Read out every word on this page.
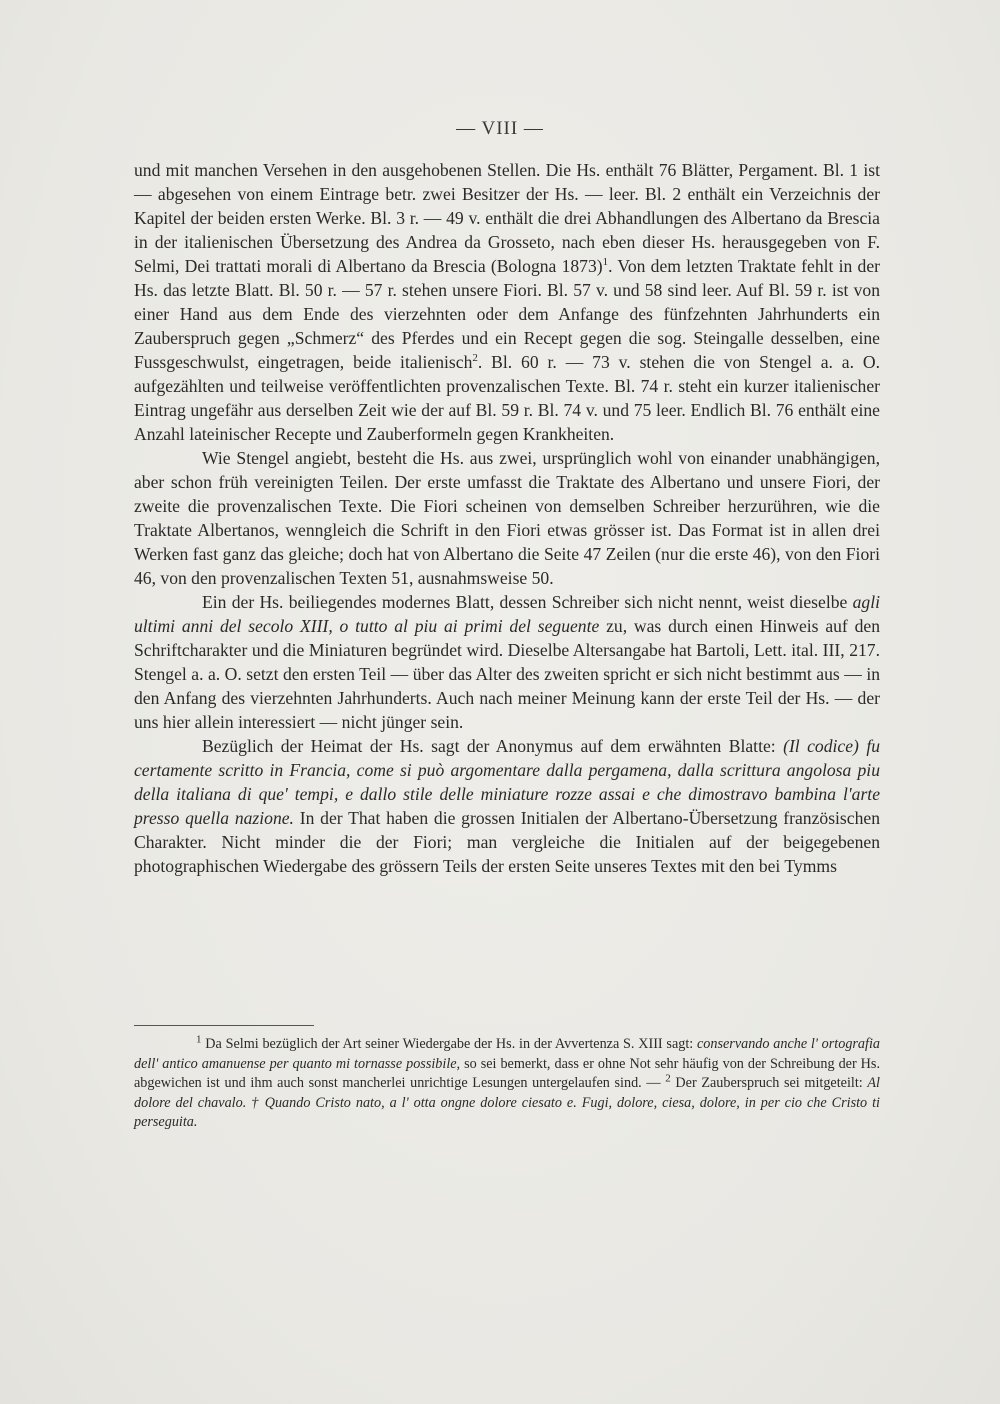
— VIII —

und mit manchen Versehen in den ausgehobenen Stellen. Die Hs. enthält 76 Blätter, Pergament. Bl. 1 ist — abgesehen von einem Eintrage betr. zwei Besitzer der Hs. — leer. Bl. 2 enthält ein Verzeichnis der Kapitel der beiden ersten Werke. Bl. 3 r. — 49 v. enthält die drei Abhandlungen des Albertano da Brescia in der italienischen Übersetzung des Andrea da Grosseto, nach eben dieser Hs. herausgegeben von F. Selmi, Dei trattati morali di Albertano da Brescia (Bologna 1873)$^1$. Von dem letzten Traktate fehlt in der Hs. das letzte Blatt. Bl. 50 r. — 57 r. stehen unsere Fiori. Bl. 57 v. und 58 sind leer. Auf Bl. 59 r. ist von einer Hand aus dem Ende des vierzehnten oder dem Anfange des fünfzehnten Jahrhunderts ein Zauberspruch gegen „Schmerz“ des Pferdes und ein Recept gegen die sog. Steingalle desselben, eine Fussgeschwulst, eingetragen, beide italienisch$^2$. Bl. 60 r. — 73 v. stehen die von Stengel a. a. O. aufgezählten und teilweise veröffentlichten provenzalischen Texte. Bl. 74 r. steht ein kurzer italienischer Eintrag ungefähr aus derselben Zeit wie der auf Bl. 59 r. Bl. 74 v. und 75 leer. Endlich Bl. 76 enthält eine Anzahl lateinischer Recepte und Zauberformeln gegen Krankheiten.

Wie Stengel angiebt, besteht die Hs. aus zwei, ursprünglich wohl von einander unabhängigen, aber schon früh vereinigten Teilen. Der erste umfasst die Traktate des Albertano und unsere Fiori, der zweite die provenzalischen Texte. Die Fiori scheinen von demselben Schreiber herzurühren, wie die Traktate Albertanos, wenngleich die Schrift in den Fiori etwas grösser ist. Das Format ist in allen drei Werken fast ganz das gleiche; doch hat von Albertano die Seite 47 Zeilen (nur die erste 46), von den Fiori 46, von den provenzalischen Texten 51, ausnahmsweise 50.

Ein der Hs. beiliegendes modernes Blatt, dessen Schreiber sich nicht nennt, weist dieselbe agli ultimi anni del secolo XIII, o tutto al piu ai primi del seguente zu, was durch einen Hinweis auf den Schriftcharakter und die Miniaturen begründet wird. Dieselbe Altersangabe hat Bartoli, Lett. ital. III, 217. Stengel a. a. O. setzt den ersten Teil — über das Alter des zweiten spricht er sich nicht bestimmt aus — in den Anfang des vierzehnten Jahrhunderts. Auch nach meiner Meinung kann der erste Teil der Hs. — der uns hier allein interessiert — nicht jünger sein.

Bezüglich der Heimat der Hs. sagt der Anonymus auf dem erwähnten Blatte: (Il codice) fu certamente scritto in Francia, come si può argomentare dalla pergamena, dalla scrittura angolosa piu della italiana di que' tempi, e dallo stile delle miniature rozze assai e che dimostravo bambina l'arte presso quella nazione. In der That haben die grossen Initialen der Albertano-Übersetzung französischen Charakter. Nicht minder die der Fiori; man vergleiche die Initialen auf der beigegebenen photographischen Wiedergabe des grössern Teils der ersten Seite unseres Textes mit den bei Tymms

$^1$ Da Selmi bezüglich der Art seiner Wiedergabe der Hs. in der Avvertenza S. XIII sagt: conservando anche l' ortografia dell' antico amanuense per quanto mi tornasse possibile, so sei bemerkt, dass er ohne Not sehr häufig von der Schreibung der Hs. abgewichen ist und ihm auch sonst mancherlei unrichtige Lesungen untergelaufen sind. — $^2$ Der Zauberspruch sei mitgeteilt: Al dolore del chavalo. † Quando Cristo nato, a l' otta ongne dolore ciesato e. Fugi, dolore, ciesa, dolore, in per cio che Cristo ti perseguita.
